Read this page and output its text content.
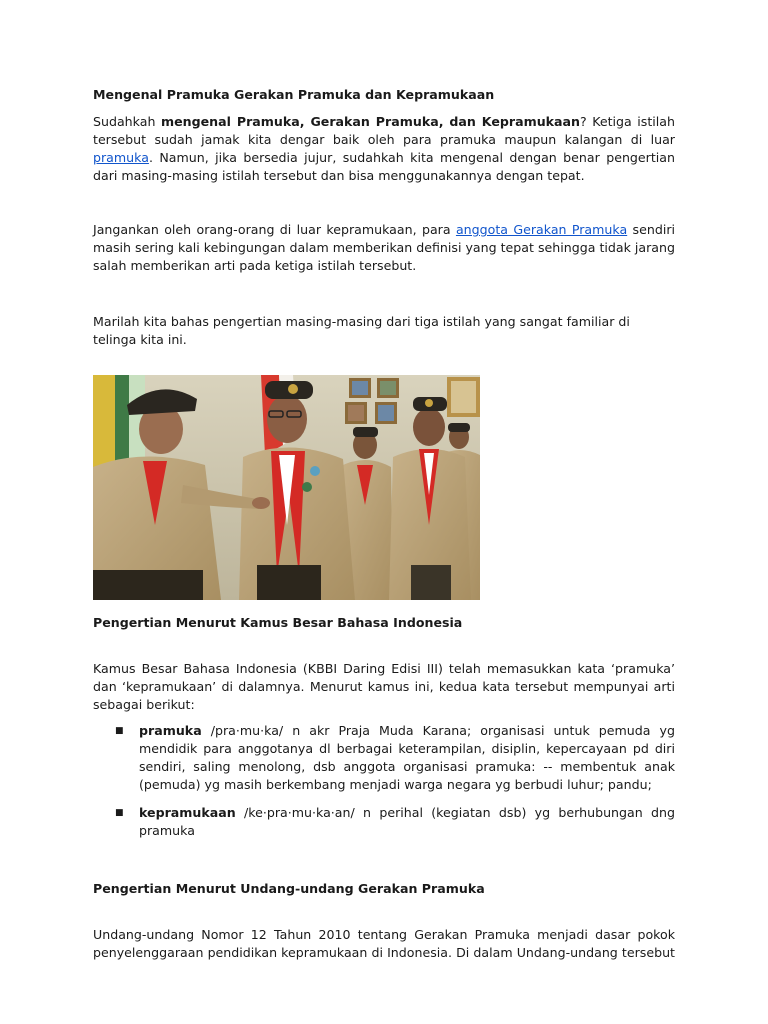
Mengenal Pramuka Gerakan Pramuka dan Kepramukaan

Sudahkah mengenal Pramuka, Gerakan Pramuka, dan Kepramukaan? Ketiga istilah tersebut sudah jamak kita dengar baik oleh para pramuka maupun kalangan di luar pramuka. Namun, jika bersedia jujur, sudahkah kita mengenal dengan benar pengertian dari masing-masing istilah tersebut dan bisa menggunakannya dengan tepat.

Jangankan oleh orang-orang di luar kepramukaan, para anggota Gerakan Pramuka sendiri masih sering kali kebingungan dalam memberikan definisi yang tepat sehingga tidak jarang salah memberikan arti pada ketiga istilah tersebut.

Marilah kita bahas pengertian masing-masing dari tiga istilah yang sangat familiar di telinga kita ini.

Pengertian Menurut Kamus Besar Bahasa Indonesia

Kamus Besar Bahasa Indonesia (KBBI Daring Edisi III) telah memasukkan kata ‘pramuka’ dan ‘kepramukaan’ di dalamnya. Menurut kamus ini, kedua kata tersebut mempunyai arti sebagai berikut:

■ pramuka /pra·mu·ka/ n akr Praja Muda Karana; organisasi untuk pemuda yg mendidik para anggotanya dl berbagai keterampilan, disiplin, kepercayaan pd diri sendiri, saling menolong, dsb anggota organisasi pramuka: -- membentuk anak (pemuda) yg masih berkembang menjadi warga negara yg berbudi luhur; pandu;
■ kepramukaan /ke·pra·mu·ka·an/ n perihal (kegiatan dsb) yg berhubungan dng pramuka

Pengertian Menurut Undang-undang Gerakan Pramuka

Undang-undang Nomor 12 Tahun 2010 tentang Gerakan Pramuka menjadi dasar pokok penyelenggaraan pendidikan kepramukaan di Indonesia. Di dalam Undang-undang tersebut
